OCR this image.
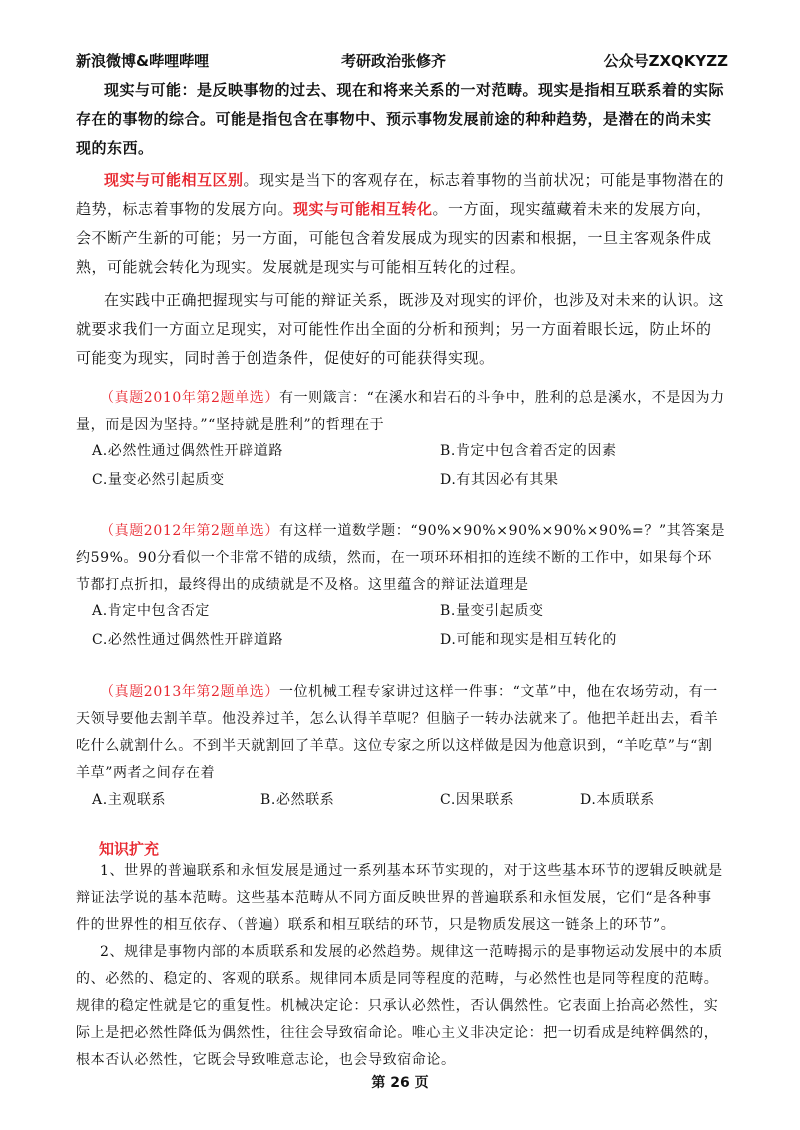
新浪微博&哔哩哔哩	考研政治张修齐	公众号ZXQKYZZ
现实与可能：是反映事物的过去、现在和将来关系的一对范畴。现实是指相互联系着的实际存在的事物的综合。可能是指包含在事物中、预示事物发展前途的种种趋势，是潜在的尚未实现的东西。
现实与可能相互区别。现实是当下的客观存在，标志着事物的当前状况；可能是事物潜在的趋势，标志着事物的发展方向。现实与可能相互转化。一方面，现实蕴藏着未来的发展方向，会不断产生新的可能；另一方面，可能包含着发展成为现实的因素和根据，一旦主客观条件成熟，可能就会转化为现实。发展就是现实与可能相互转化的过程。
在实践中正确把握现实与可能的辩证关系，既涉及对现实的评价，也涉及对未来的认识。这就要求我们一方面立足现实，对可能性作出全面的分析和预判；另一方面着眼长远，防止坏的可能变为现实，同时善于创造条件，促使好的可能获得实现。
（真题2010年第2题单选）有一则箴言：“在溪水和岩石的斗争中，胜利的总是溪水，不是因为力量，而是因为坚持。”“坚持就是胜利”的哲理在于
A.必然性通过偶然性开辟道路	B.肯定中包含着否定的因素
C.量变必然引起质变	D.有其因必有其果
（真题2012年第2题单选）有这样一道数学题：“90%×90%×90%×90%×90%=？”其答案是约59%。90分看似一个非常不错的成绩，然而，在一项环环相扣的连续不断的工作中，如果每个环节都打点折扣，最终得出的成绩就是不及格。这里蕴含的辩证法道理是
A.肯定中包含否定	B.量变引起质变
C.必然性通过偶然性开辟道路	D.可能和现实是相互转化的
（真题2013年第2题单选）一位机械工程专家讲过这样一件事：“文革”中，他在农场劳动，有一天领导要他去割羊草。他没养过羊，怎么认得羊草呢？但脑子一转办法就来了。他把羊赶出去，看羊吃什么就割什么。不到半天就割回了羊草。这位专家之所以这样做是因为他意识到，“羊吃草”与“割羊草”两者之间存在着
A.主观联系	B.必然联系	C.因果联系	D.本质联系
知识扩充
1、世界的普遍联系和永恒发展是通过一系列基本环节实现的，对于这些基本环节的逻辑反映就是辩证法学说的基本范畴。这些基本范畴从不同方面反映世界的普遍联系和永恒发展，它们“是各种事件的世界性的相互依存、（普遍）联系和相互联结的环节，只是物质发展这一链条上的环节”。
2、规律是事物内部的本质联系和发展的必然趋势。规律这一范畴揭示的是事物运动发展中的本质的、必然的、稳定的、客观的联系。规律同本质是同等程度的范畴，与必然性也是同等程度的范畴。规律的稳定性就是它的重复性。机械决定论：只承认必然性，否认偶然性。它表面上抬高必然性，实际上是把必然性降低为偶然性，往往会导致宿命论。唯心主义非决定论：把一切看成是纯粹偶然的，根本否认必然性，它既会导致唯意志论，也会导致宿命论。
第 26 页
